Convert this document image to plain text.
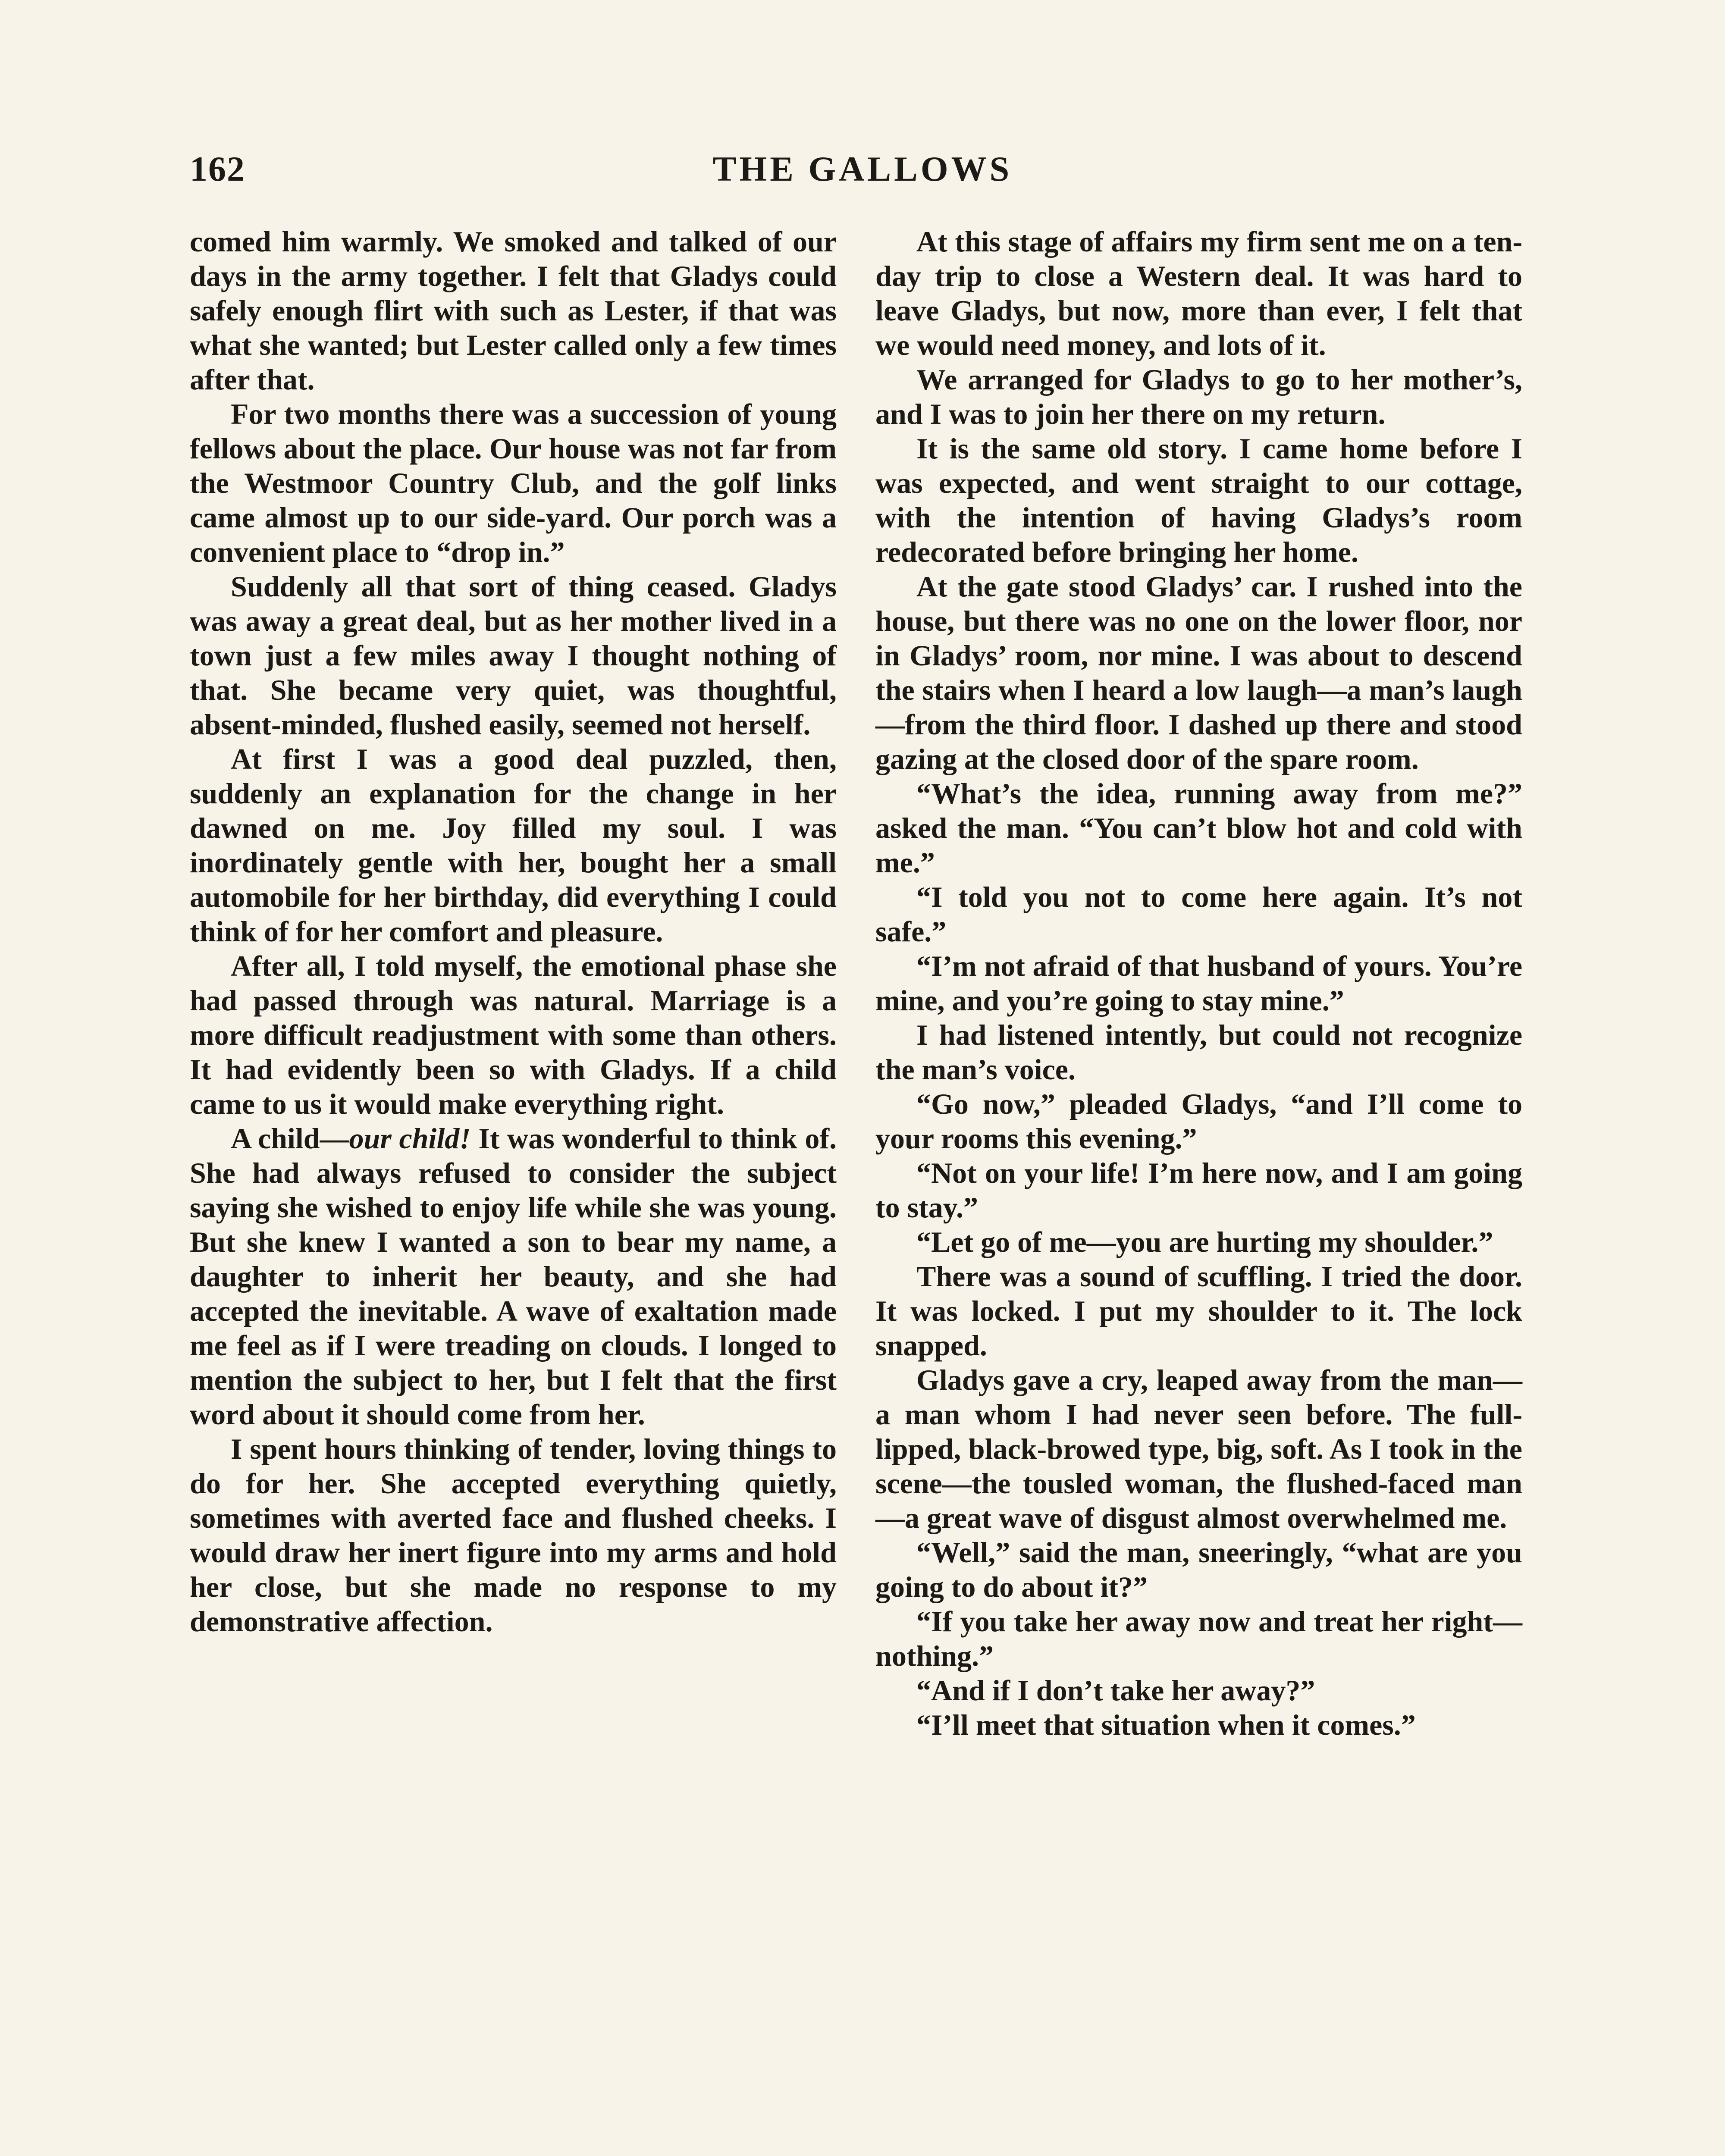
162	THE GALLOWS

comed him warmly. We smoked and talked of our days in the army together. I felt that Gladys could safely enough flirt with such as Lester, if that was what she wanted; but Lester called only a few times after that.

For two months there was a succession of young fellows about the place. Our house was not far from the Westmoor Country Club, and the golf links came almost up to our side-yard. Our porch was a convenient place to “drop in.”

Suddenly all that sort of thing ceased. Gladys was away a great deal, but as her mother lived in a town just a few miles away I thought nothing of that. She became very quiet, was thoughtful, absent-minded, flushed easily, seemed not herself.

At first I was a good deal puzzled, then, suddenly an explanation for the change in her dawned on me. Joy filled my soul. I was inordinately gentle with her, bought her a small automobile for her birthday, did everything I could think of for her comfort and pleasure.

After all, I told myself, the emotional phase she had passed through was natural. Marriage is a more difficult readjustment with some than others. It had evidently been so with Gladys. If a child came to us it would make everything right.

A child—our child! It was wonderful to think of. She had always refused to consider the subject saying she wished to enjoy life while she was young. But she knew I wanted a son to bear my name, a daughter to inherit her beauty, and she had accepted the inevitable. A wave of exaltation made me feel as if I were treading on clouds. I longed to mention the subject to her, but I felt that the first word about it should come from her.

I spent hours thinking of tender, loving things to do for her. She accepted everything quietly, sometimes with averted face and flushed cheeks. I would draw her inert figure into my arms and hold her close, but she made no response to my demonstrative affection.

At this stage of affairs my firm sent me on a ten-day trip to close a Western deal. It was hard to leave Gladys, but now, more than ever, I felt that we would need money, and lots of it.

We arranged for Gladys to go to her mother’s, and I was to join her there on my return.

It is the same old story. I came home before I was expected, and went straight to our cottage, with the intention of having Gladys’s room redecorated before bringing her home.

At the gate stood Gladys’ car. I rushed into the house, but there was no one on the lower floor, nor in Gladys’ room, nor mine. I was about to descend the stairs when I heard a low laugh—a man’s laugh—from the third floor. I dashed up there and stood gazing at the closed door of the spare room.

“What’s the idea, running away from me?” asked the man. “You can’t blow hot and cold with me.”

“I told you not to come here again. It’s not safe.”

“I’m not afraid of that husband of yours. You’re mine, and you’re going to stay mine.”

I had listened intently, but could not recognize the man’s voice.

“Go now,” pleaded Gladys, “and I’ll come to your rooms this evening.”

“Not on your life! I’m here now, and I am going to stay.”

“Let go of me—you are hurting my shoulder.”

There was a sound of scuffling. I tried the door. It was locked. I put my shoulder to it. The lock snapped.

Gladys gave a cry, leaped away from the man—a man whom I had never seen before. The full-lipped, black-browed type, big, soft. As I took in the scene—the tousled woman, the flushed-faced man—a great wave of disgust almost overwhelmed me.

“Well,” said the man, sneeringly, “what are you going to do about it?”

“If you take her away now and treat her right—nothing.”

“And if I don’t take her away?”

“I’ll meet that situation when it comes.”
